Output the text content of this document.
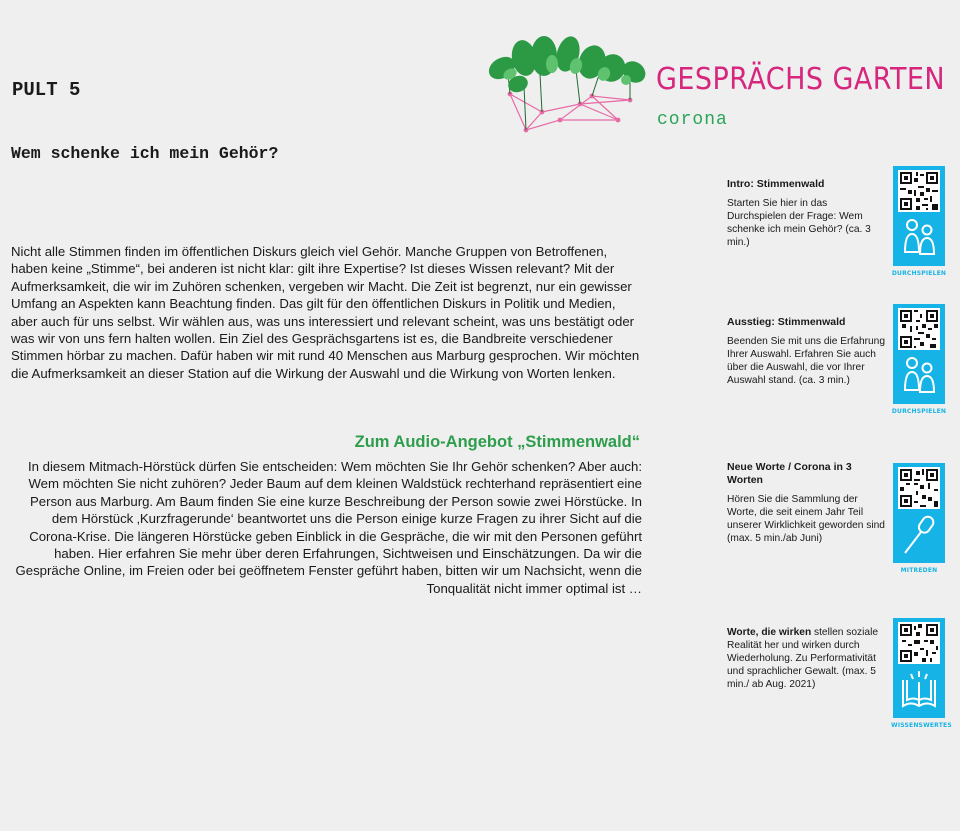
PULT 5
Wem schenke ich mein Gehör?
GESPRÄCHS GARTEN
corona

Nicht alle Stimmen finden im öffentlichen Diskurs gleich viel Gehör. Manche Gruppen von Betroffenen, haben keine „Stimme“, bei anderen ist nicht klar: gilt ihre Expertise? Ist dieses Wissen relevant? Mit der Aufmerksamkeit, die wir im Zuhören schenken, vergeben wir Macht. Die Zeit ist begrenzt, nur ein gewisser Umfang an Aspekten kann Beachtung finden. Das gilt für den öffentlichen Diskurs in Politik und Medien, aber auch für uns selbst. Wir wählen aus, was uns interessiert und relevant scheint, was uns bestätigt oder was wir von uns fern halten wollen. Ein Ziel des Gesprächsgartens ist es, die Bandbreite verschiedener Stimmen hörbar zu machen. Dafür haben wir mit rund 40 Menschen aus Marburg gesprochen. Wir möchten die Aufmerksamkeit an dieser Station auf die Wirkung der Auswahl und die Wirkung von Worten lenken.

Zum Audio-Angebot „Stimmenwald“

In diesem Mitmach-Hörstück dürfen Sie entscheiden: Wem möchten Sie Ihr Gehör schenken? Aber auch: Wem möchten Sie nicht zuhören? Jeder Baum auf dem kleinen Waldstück rechterhand repräsentiert eine Person aus Marburg. Am Baum finden Sie eine kurze Beschreibung der Person sowie zwei Hörstücke. In dem Hörstück ‚Kurzfragerunde‘ beantwortet uns die Person einige kurze Fragen zu ihrer Sicht auf die Corona-Krise. Die längeren Hörstücke geben Einblick in die Gespräche, die wir mit den Personen geführt haben. Hier erfahren Sie mehr über deren Erfahrungen, Sichtweisen und Einschätzungen. Da wir die Gespräche Online, im Freien oder bei geöffnetem Fenster geführt haben, bitten wir um Nachsicht, wenn die Tonqualität nicht immer optimal ist …

Intro: Stimmenwald
Starten Sie hier in das Durchspielen der Frage: Wem schenke ich mein Gehör? (ca. 3 min.)
DURCHSPIELEN
Ausstieg: Stimmenwald
Beenden Sie mit uns die Erfahrung Ihrer Auswahl. Erfahren Sie auch über die Auswahl, die vor Ihrer Auswahl stand. (ca. 3 min.)
DURCHSPIELEN
Neue Worte / Corona in 3 Worten
Hören Sie die Sammlung der Worte, die seit einem Jahr Teil unserer Wirklichkeit geworden sind (max. 5 min./ab Juni)
MITREDEN
Worte, die wirken stellen soziale Realität her und wirken durch Wiederholung. Zu Performativität und sprachlicher Gewalt. (max. 5 min./ ab Aug. 2021)
WISSENSWERTES
